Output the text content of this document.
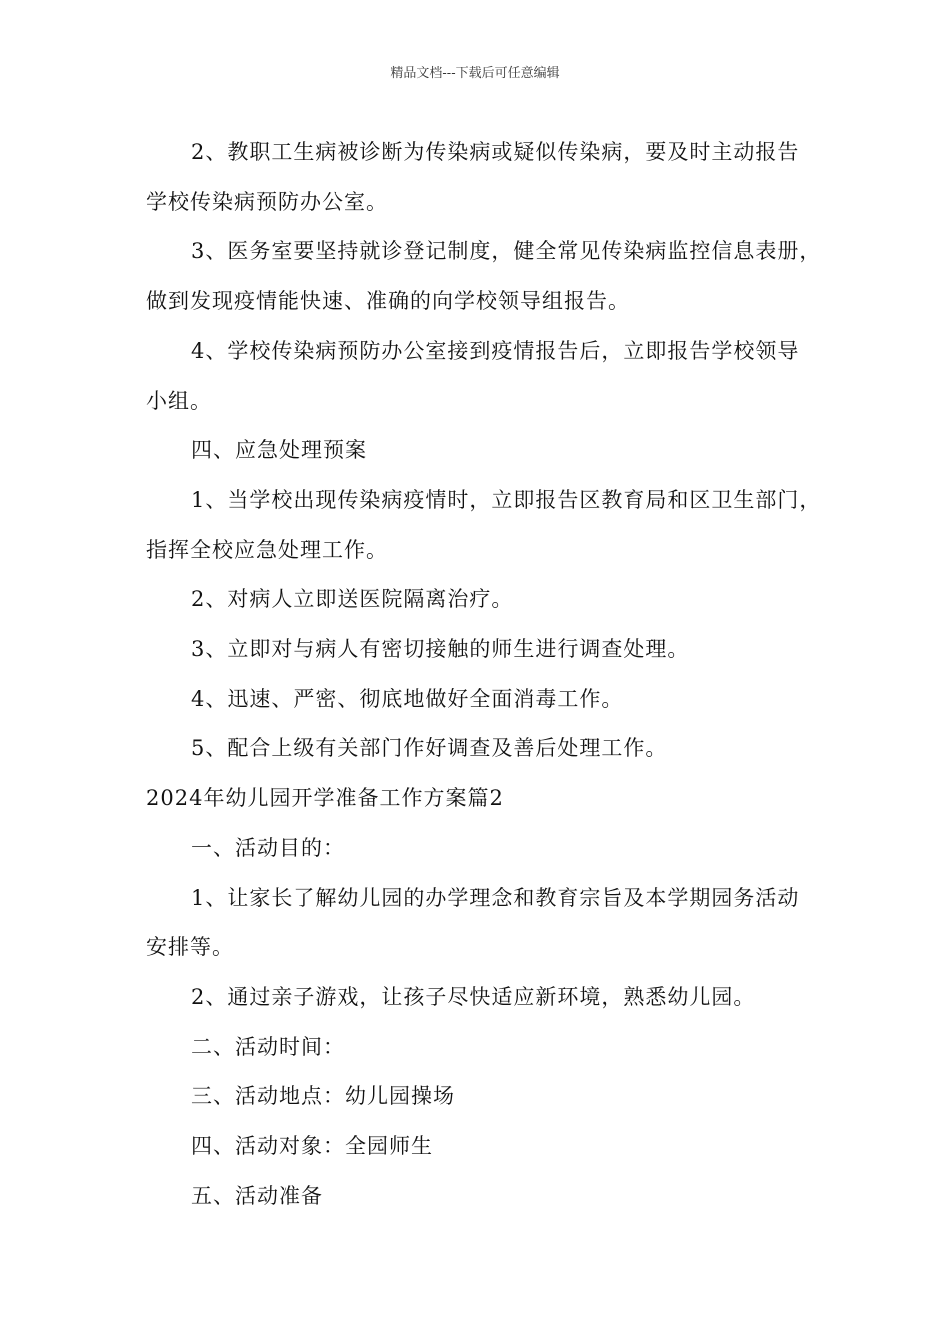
精品文档---下载后可任意编辑

2、教职工生病被诊断为传染病或疑似传染病，要及时主动报告

学校传染病预防办公室。

3、医务室要坚持就诊登记制度，健全常见传染病监控信息表册，

做到发现疫情能快速、准确的向学校领导组报告。

4、学校传染病预防办公室接到疫情报告后，立即报告学校领导

小组。

四、应急处理预案

1、当学校出现传染病疫情时，立即报告区教育局和区卫生部门，

指挥全校应急处理工作。

2、对病人立即送医院隔离治疗。

3、立即对与病人有密切接触的师生进行调查处理。

4、迅速、严密、彻底地做好全面消毒工作。

5、配合上级有关部门作好调查及善后处理工作。

2024年幼儿园开学准备工作方案篇2

一、活动目的：

1、让家长了解幼儿园的办学理念和教育宗旨及本学期园务活动

安排等。

2、通过亲子游戏，让孩子尽快适应新环境，熟悉幼儿园。

二、活动时间：

三、活动地点：幼儿园操场

四、活动对象：全园师生

五、活动准备
